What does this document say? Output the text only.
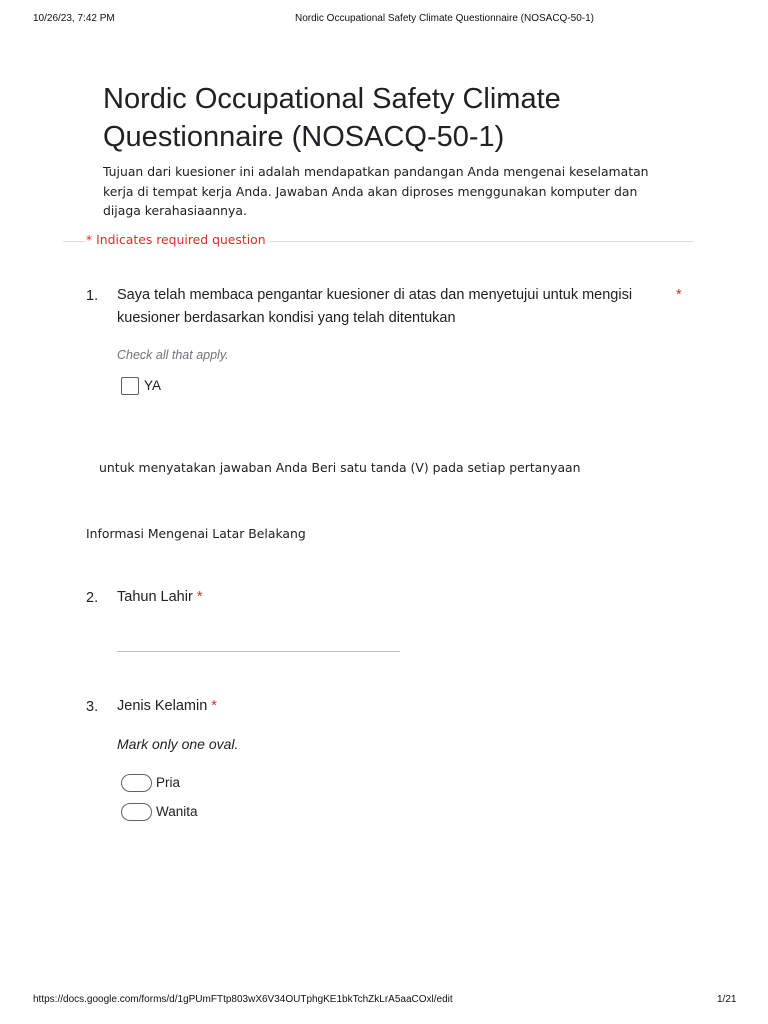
10/26/23, 7:42 PM	Nordic Occupational Safety Climate Questionnaire (NOSACQ-50-1)
Nordic Occupational Safety Climate
Questionnaire (NOSACQ-50-1)
Tujuan dari kuesioner ini adalah mendapatkan pandangan Anda mengenai keselamatan
kerja di tempat kerja Anda. Jawaban Anda akan diproses menggunakan komputer dan
dijaga kerahasiaannya.
* Indicates required question
1. Saya telah membaca pengantar kuesioner di atas dan menyetujui untuk mengisi
kuesioner berdasarkan kondisi yang telah ditentukan
*
Check all that apply.
YA
untuk menyatakan jawaban Anda Beri satu tanda (V) pada setiap pertanyaan
Informasi Mengenai Latar Belakang
2. Tahun Lahir *
3. Jenis Kelamin *
Mark only one oval.
Pria
Wanita
https://docs.google.com/forms/d/1gPUmFTtp803wX6V34OUTphgKE1bkTchZkLrA5aaCOxl/edit	1/21
